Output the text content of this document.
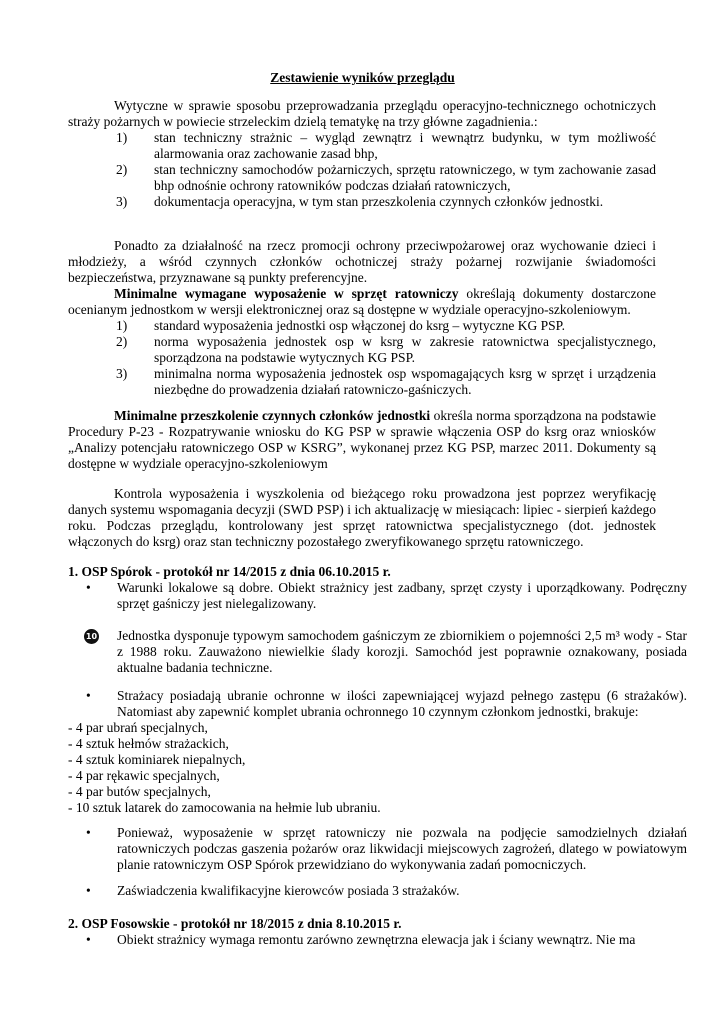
Zestawienie wyników przeglądu

Wytyczne w sprawie sposobu przeprowadzania przeglądu operacyjno-technicznego ochotniczych straży pożarnych w powiecie strzeleckim dzielą tematykę na trzy główne zagadnienia.:

1) stan techniczny strażnic – wygląd zewnątrz i wewnątrz budynku, w tym możliwość alarmowania oraz zachowanie zasad bhp,
2) stan techniczny samochodów pożarniczych, sprzętu ratowniczego, w tym zachowanie zasad bhp odnośnie ochrony ratowników podczas działań ratowniczych,
3) dokumentacja operacyjna, w tym stan przeszkolenia czynnych członków jednostki.

Ponadto za działalność na rzecz promocji ochrony przeciwpożarowej oraz wychowanie dzieci i młodzieży, a wśród czynnych członków ochotniczej straży pożarnej rozwijanie świadomości bezpieczeństwa, przyznawane są punkty preferencyjne.

Minimalne wymagane wyposażenie w sprzęt ratowniczy określają dokumenty dostarczone ocenianym jednostkom w wersji elektronicznej oraz są dostępne w wydziale operacyjno-szkoleniowym.

1) standard wyposażenia jednostki osp włączonej do ksrg – wytyczne KG PSP.
2) norma wyposażenia jednostek osp w ksrg w zakresie ratownictwa specjalistycznego, sporządzona na podstawie wytycznych KG PSP.
3) minimalna norma wyposażenia jednostek osp wspomagających ksrg w sprzęt i urządzenia niezbędne do prowadzenia działań ratowniczo-gaśniczych.

Minimalne przeszkolenie czynnych członków jednostki określa norma sporządzona na podstawie Procedury P-23 - Rozpatrywanie wniosku do KG PSP w sprawie włączenia OSP do ksrg oraz wniosków „Analizy potencjału ratowniczego OSP w KSRG”, wykonanej przez KG PSP, marzec 2011. Dokumenty są dostępne w wydziale operacyjno-szkoleniowym

Kontrola wyposażenia i wyszkolenia od bieżącego roku prowadzona jest poprzez weryfikację danych systemu wspomagania decyzji (SWD PSP) i ich aktualizację w miesiącach: lipiec - sierpień każdego roku. Podczas przeglądu, kontrolowany jest sprzęt ratownictwa specjalistycznego (dot. jednostek włączonych do ksrg) oraz stan techniczny pozostałego zweryfikowanego sprzętu ratowniczego.

1. OSP Spórok - protokół nr 14/2015 z dnia 06.10.2015 r.

• Warunki lokalowe są dobre. Obiekt strażnicy jest zadbany, sprzęt czysty i uporządkowany. Podręczny sprzęt gaśniczy jest nielegalizowany.
10 Jednostka dysponuje typowym samochodem gaśniczym ze zbiornikiem o pojemności 2,5 m³ wody - Star z 1988 roku. Zauważono niewielkie ślady korozji. Samochód jest poprawnie oznakowany, posiada aktualne badania techniczne.
• Strażacy posiadają ubranie ochronne w ilości zapewniającej wyjazd pełnego zastępu (6 strażaków). Natomiast aby zapewnić komplet ubrania ochronnego 10 czynnym członkom jednostki, brakuje:
- 4 par ubrań specjalnych,
- 4 sztuk hełmów strażackich,
- 4 sztuk kominiarek niepalnych,
- 4 par rękawic specjalnych,
- 4 par butów specjalnych,
- 10 sztuk latarek do zamocowania na hełmie lub ubraniu.
• Ponieważ, wyposażenie w sprzęt ratowniczy nie pozwala na podjęcie samodzielnych działań ratowniczych podczas gaszenia pożarów oraz likwidacji miejscowych zagrożeń, dlatego w powiatowym planie ratowniczym OSP Spórok przewidziano do wykonywania zadań pomocniczych.
• Zaświadczenia kwalifikacyjne kierowców posiada 3 strażaków.

2. OSP Fosowskie - protokół nr 18/2015 z dnia 8.10.2015 r.

• Obiekt strażnicy wymaga remontu zarówno zewnętrzna elewacja jak i ściany wewnątrz. Nie ma
